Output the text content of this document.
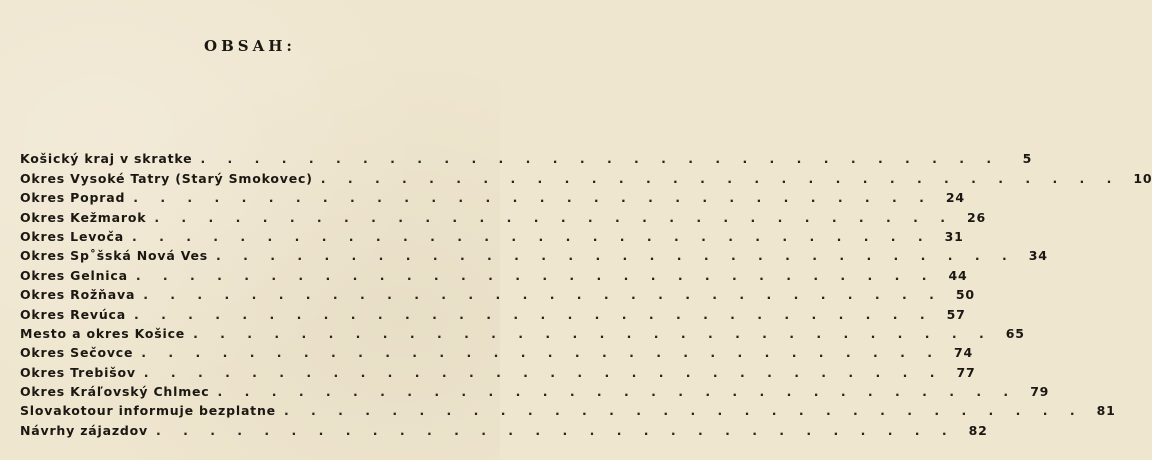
OBSAH:
Košický kraj v skratke . . . . . . . . . . . . . . . . . . . . . . . . . . . . . .	5
Okres Vysoké Tatry (Starý Smokovec) . . . . . . . . . . . . . . . . . . . . . . . . . . . . . .	10
Okres Poprad . . . . . . . . . . . . . . . . . . . . . . . . . . . . . .	24
Okres Kežmarok . . . . . . . . . . . . . . . . . . . . . . . . . . . . . .	26
Okres Levoča . . . . . . . . . . . . . . . . . . . . . . . . . . . . . .	31
Okres Sp˚šská Nová Ves . . . . . . . . . . . . . . . . . . . . . . . . . . . . . .	34
Okres Gelnica . . . . . . . . . . . . . . . . . . . . . . . . . . . . . .	44
Okres Rožňava . . . . . . . . . . . . . . . . . . . . . . . . . . . . . .	50
Okres Revúca . . . . . . . . . . . . . . . . . . . . . . . . . . . . . .	57
Mesto a okres Košice . . . . . . . . . . . . . . . . . . . . . . . . . . . . . .	65
Okres Sečovce . . . . . . . . . . . . . . . . . . . . . . . . . . . . . .	74
Okres Trebišov . . . . . . . . . . . . . . . . . . . . . . . . . . . . . .	77
Okres Kráľovský Chlmec . . . . . . . . . . . . . . . . . . . . . . . . . . . . . .	79
Slovakotour informuje bezplatne . . . . . . . . . . . . . . . . . . . . . . . . . . . . . .	81
Návrhy zájazdov . . . . . . . . . . . . . . . . . . . . . . . . . . . . . .	82
